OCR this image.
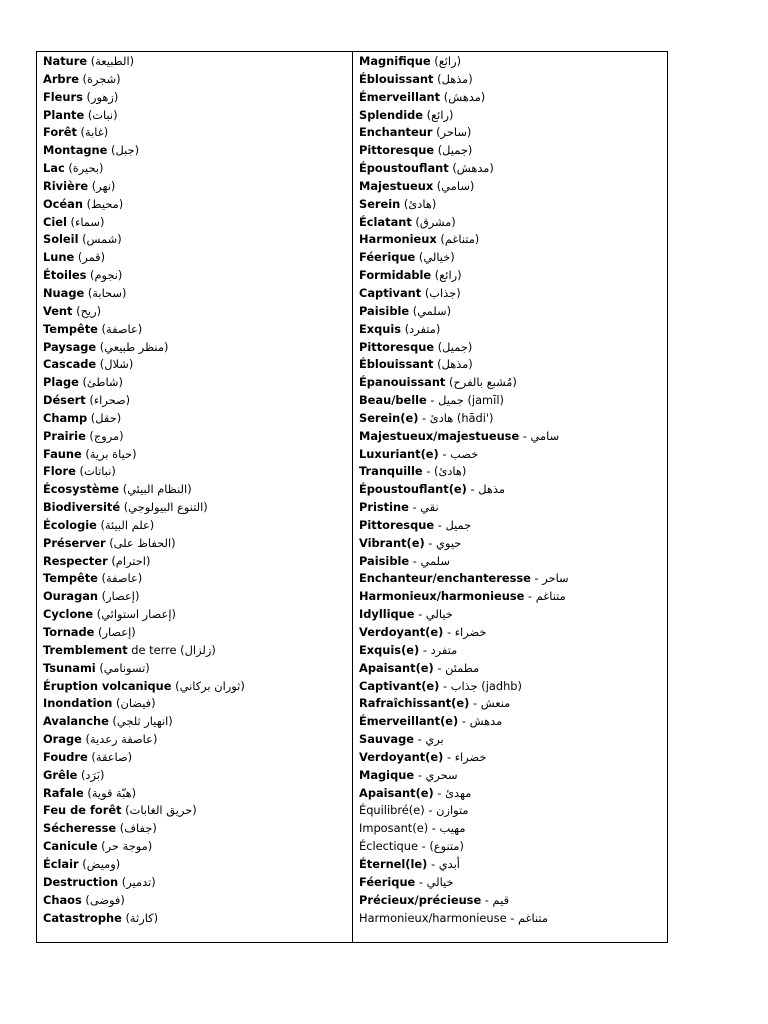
Nature (الطبيعة)
Arbre (شجرة)
Fleurs (زهور)
Plante (نبات)
Forêt (غابة)
Montagne (جبل)
Lac (بحيرة)
Rivière (نهر)
Océan (محيط)
Ciel (سماء)
Soleil (شمس)
Lune (قمر)
Étoiles (نجوم)
Nuage (سحابة)
Vent (ريح)
Tempête (عاصفة)
Paysage (منظر طبيعي)
Cascade (شلال)
Plage (شاطئ)
Désert (صحراء)
Champ (حقل)
Prairie (مروج)
Faune (حياة برية)
Flore (نباتات)
Écosystème (النظام البيئي)
Biodiversité (التنوع البيولوجي)
Écologie (علم البيئة)
Préserver (الحفاظ على)
Respecter (احترام)
Tempête (عاصفة)
Ouragan (إعصار)
Cyclone (إعصار استوائي)
Tornade (إعصار)
Tremblement de terre (زلزال)
Tsunami (تسونامي)
Éruption volcanique (ثوران بركاني)
Inondation (فيضان)
Avalanche (انهيار ثلجي)
Orage (عاصفة رعدية)
Foudre (صاعقة)
Grêle (بَرَد)
Rafale (هبّة قوية)
Feu de forêt (حريق الغابات)
Sécheresse (جفاف)
Canicule (موجة حر)
Éclair (وميض)
Destruction (تدمير)
Chaos (فوضى)
Catastrophe (كارثة)
Magnifique (رائع)
Éblouissant (مذهل)
Émerveillant (مدهش)
Splendide (رائع)
Enchanteur (ساحر)
Pittoresque (جميل)
Époustouflant (مدهش)
Majestueux (سامي)
Serein (هادئ)
Éclatant (مشرق)
Harmonieux (متناغم)
Féerique (خيالي)
Formidable (رائع)
Captivant (جذاب)
Paisible (سلمي)
Exquis (متفرد)
Pittoresque (جميل)
Éblouissant (مذهل)
Épanouissant (مُشبع بالفرح)
Beau/belle - جميل (jamīl)
Serein(e) - هادئ (hādi')
Majestueux/majestueuse - سامي
Luxuriant(e) - خصب
Tranquille - (هادئ)
Époustouflant(e) - مذهل
Pristine - نقي
Pittoresque - جميل
Vibrant(e) - حيوي
Paisible - سلمي
Enchanteur/enchanteresse - ساحر
Harmonieux/harmonieuse - متناغم
Idyllique - خيالي
Verdoyant(e) - خضراء
Exquis(e) - متفرد
Apaisant(e) - مطمئن
Captivant(e) - جذاب (jadhb)
Rafraîchissant(e) - منعش
Émerveillant(e) - مدهش
Sauvage - بري
Verdoyant(e) - خضراء
Magique - سحري
Apaisant(e) - مهدئ
Équilibré(e) - متوازن
Imposant(e) - مهيب
Éclectique - (متنوع)
Éternel(le) - أبدي
Féerique - خيالي
Précieux/précieuse - قيم
Harmonieux/harmonieuse - متناغم
